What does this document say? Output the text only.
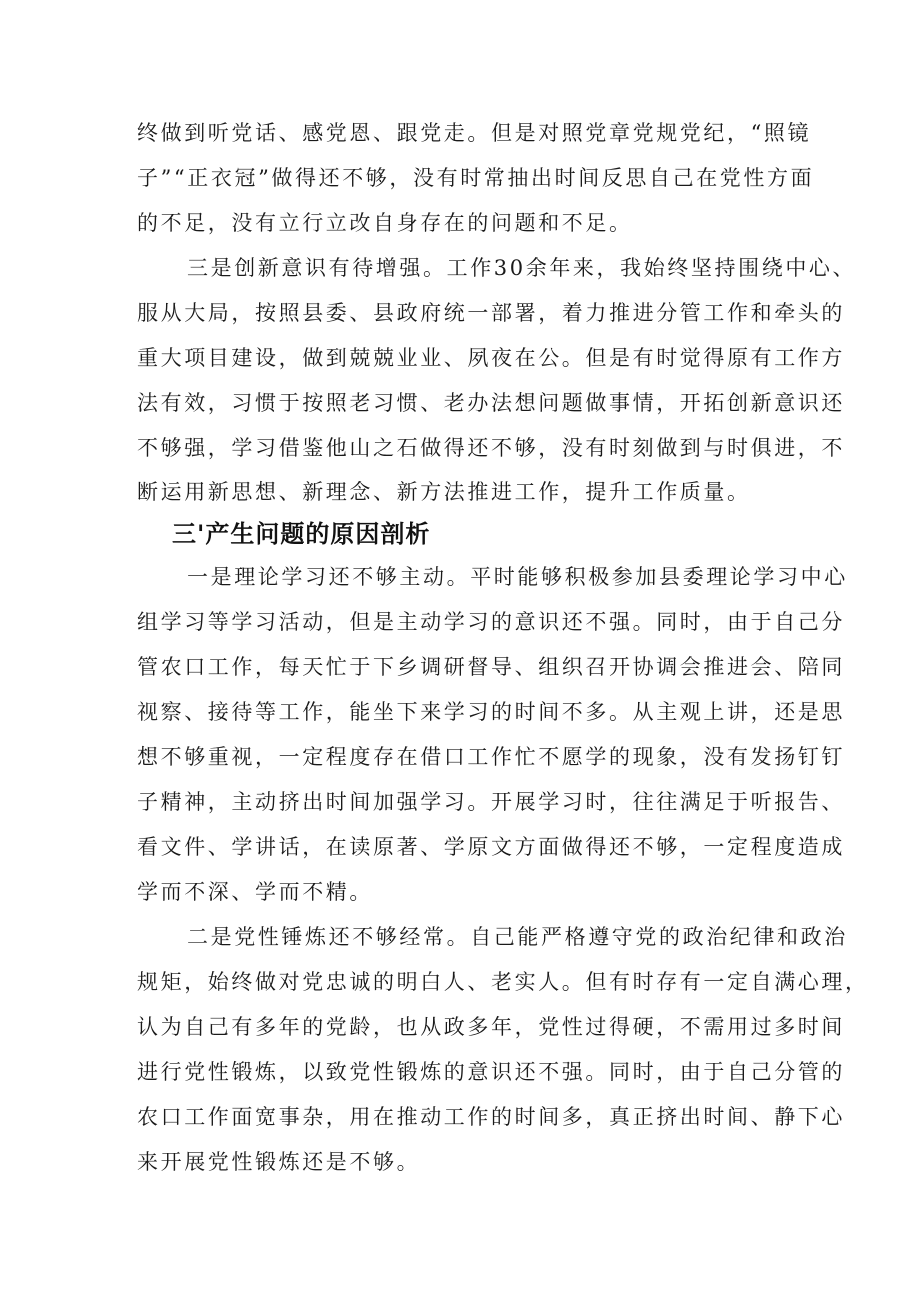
终做到听党话、感党恩、跟党走。但是对照党章党规党纪，“照镜

子”“正衣冠”做得还不够，没有时常抽出时间反思自己在党性方面

的不足，没有立行立改自身存在的问题和不足。

三是创新意识有待增强。工作30余年来，我始终坚持围绕中心、

服从大局，按照县委、县政府统一部署，着力推进分管工作和牵头的

重大项目建设，做到兢兢业业、夙夜在公。但是有时觉得原有工作方

法有效，习惯于按照老习惯、老办法想问题做事情，开拓创新意识还

不够强，学习借鉴他山之石做得还不够，没有时刻做到与时俱进，不

断运用新思想、新理念、新方法推进工作，提升工作质量。

三'产生问题的原因剖析

一是理论学习还不够主动。平时能够积极参加县委理论学习中心

组学习等学习活动，但是主动学习的意识还不强。同时，由于自己分

管农口工作，每天忙于下乡调研督导、组织召开协调会推进会、陪同

视察、接待等工作，能坐下来学习的时间不多。从主观上讲，还是思

想不够重视，一定程度存在借口工作忙不愿学的现象，没有发扬钉钉

子精神，主动挤出时间加强学习。开展学习时，往往满足于听报告、

看文件、学讲话，在读原著、学原文方面做得还不够，一定程度造成

学而不深、学而不精。

二是党性锤炼还不够经常。自己能严格遵守党的政治纪律和政治

规矩，始终做对党忠诚的明白人、老实人。但有时存有一定自满心理，

认为自己有多年的党龄，也从政多年，党性过得硬，不需用过多时间

进行党性锻炼，以致党性锻炼的意识还不强。同时，由于自己分管的

农口工作面宽事杂，用在推动工作的时间多，真正挤出时间、静下心

来开展党性锻炼还是不够。
